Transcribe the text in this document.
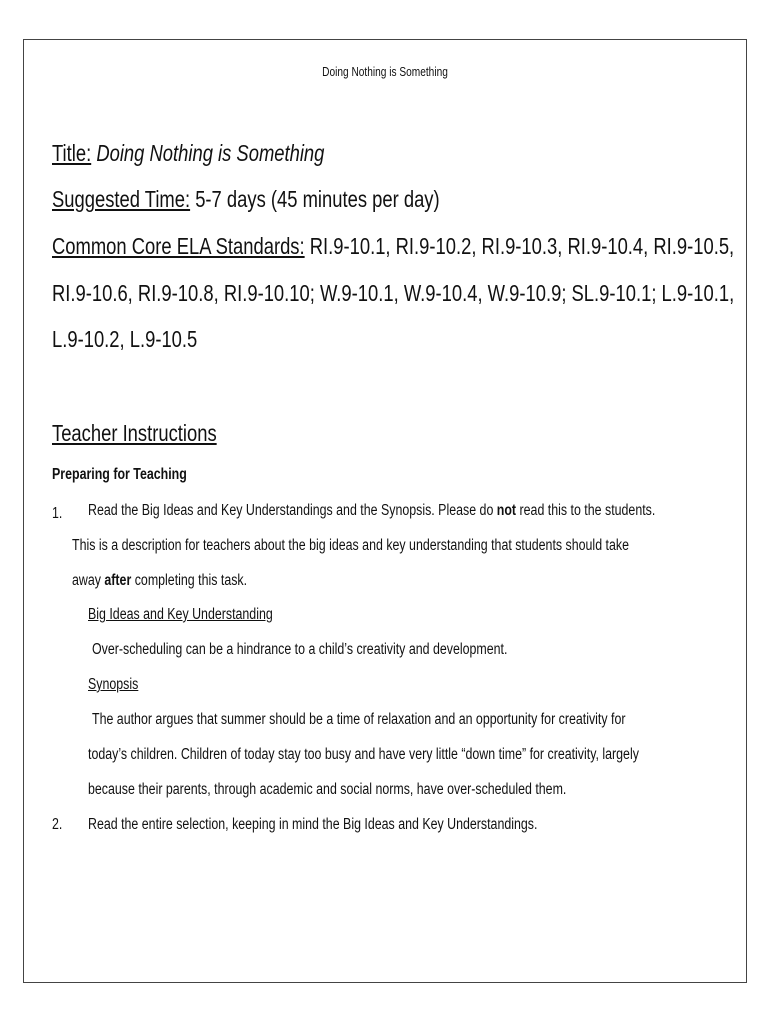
Doing Nothing is Something
Title: Doing Nothing is Something
Suggested Time: 5-7 days (45 minutes per day)
Common Core ELA Standards: RI.9-10.1, RI.9-10.2, RI.9-10.3, RI.9-10.4, RI.9-10.5,
RI.9-10.6, RI.9-10.8, RI.9-10.10; W.9-10.1, W.9-10.4, W.9-10.9; SL.9-10.1; L.9-10.1,
L.9-10.2, L.9-10.5
Teacher Instructions
Preparing for Teaching
1. Read the Big Ideas and Key Understandings and the Synopsis. Please do not read this to the students.
This is a description for teachers about the big ideas and key understanding that students should take
away after completing this task.
Big Ideas and Key Understanding
Over-scheduling can be a hindrance to a child’s creativity and development.
Synopsis
The author argues that summer should be a time of relaxation and an opportunity for creativity for
today’s children. Children of today stay too busy and have very little “down time” for creativity, largely
because their parents, through academic and social norms, have over-scheduled them.
2. Read the entire selection, keeping in mind the Big Ideas and Key Understandings.
